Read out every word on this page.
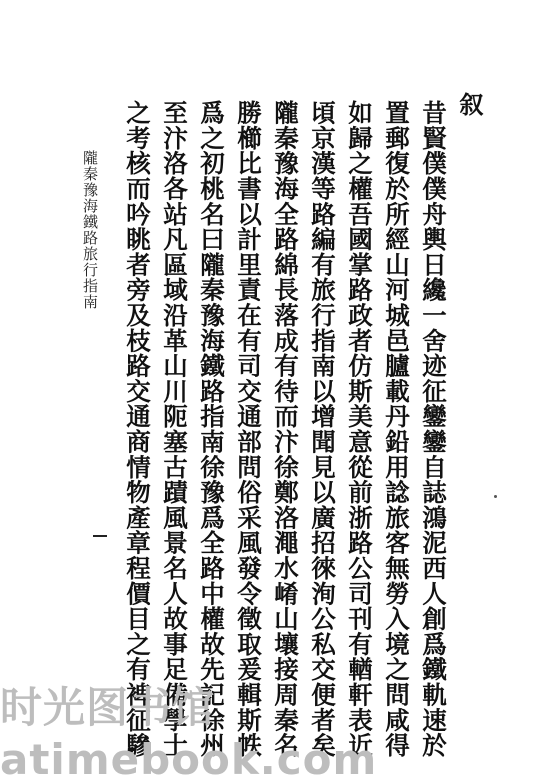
叙
昔賢僕僕舟輿日纔一舍迹征鑾鑾自誌鴻泥西人創爲鐵軌速於
置郵復於所經山河城邑臚載丹鉛用諗旅客無勞入境之問咸得
如歸之權吾國掌路政者仿斯美意從前浙路公司刊有輶軒表近
頃京漢等路編有旅行指南以增聞見以廣招徠洵公私交便者矣
隴秦豫海全路綿長落成有待而汴徐鄭洛澠水崤山壤接周秦名
勝櫛比書以計里責在有司交通部問俗采風發令徵取爰輯斯帙
爲之初桃名曰隴秦豫海鐵路指南徐豫爲全路中權故先記徐州
至汴洛各站凡區域沿革山川阨塞古蹟風景名人故事足備學士
之考核而吟眺者旁及枝路交通商情物產章程價目之有裨征驂
隴秦豫海鐵路旅行指南
时光图书馆atimebook.com
